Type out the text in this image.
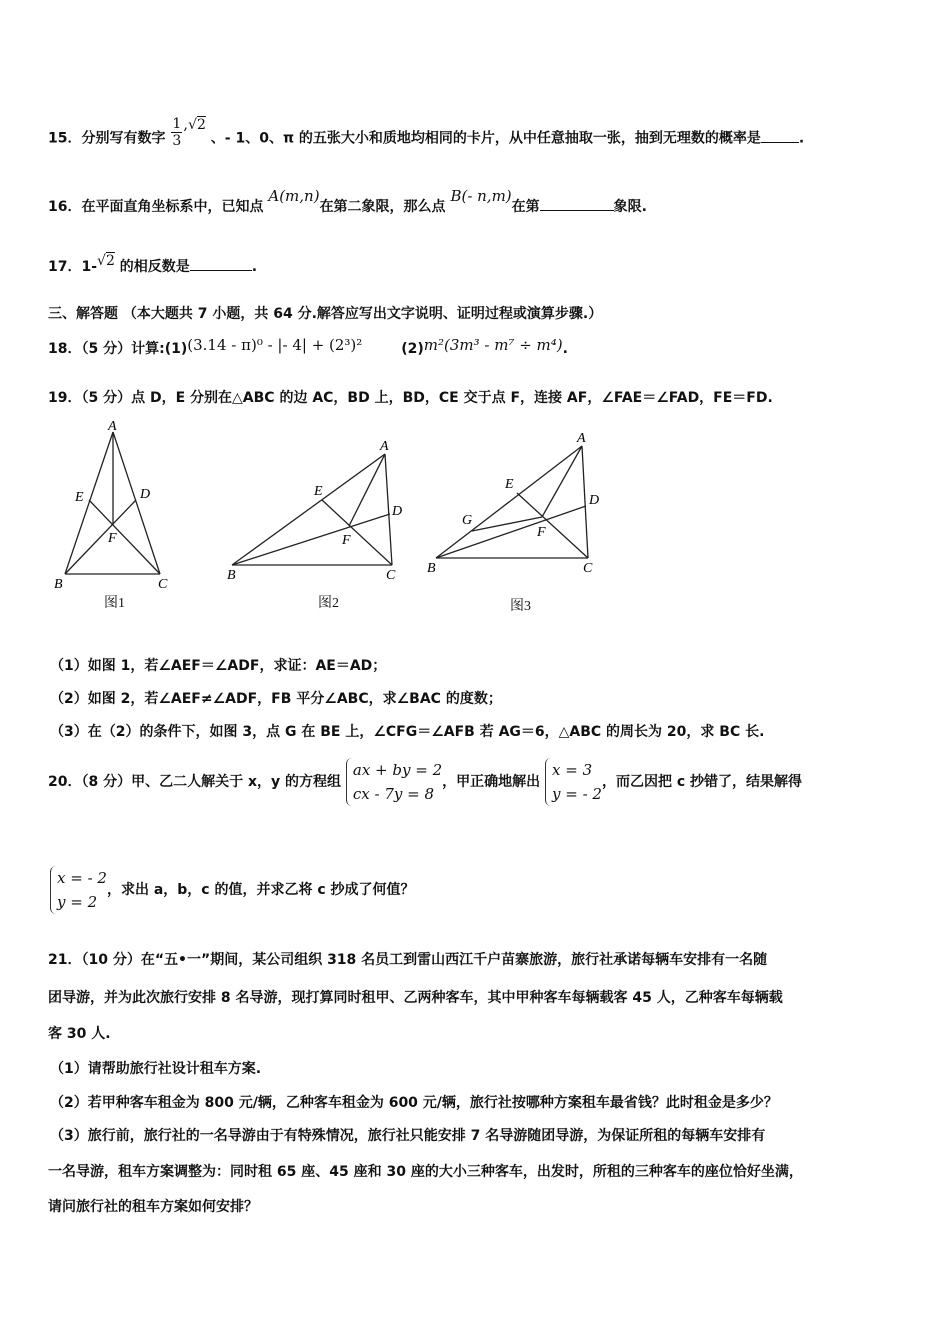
15．分别写有数字 $\frac{1}{3} ,√2$ 、- 1、0、π 的五张大小和质地均相同的卡片，从中任意抽取一张，抽到无理数的概率是	.
16．在平面直角坐标系中，已知点 A(m,n)在第二象限，那么点 B(- n,m)在第	象限.
17．1-√2 的相反数是	.
三、解答题 （本大题共 7 小题，共 64 分.解答应写出文字说明、证明过程或演算步骤.）
18．（5 分）计算:(1)(3.14 - π)⁰ - |- 4| + (2³)²	(2)m²(3m³ - m⁷ ÷ m⁴).
19．（5 分）点 D，E 分别在△ABC 的边 AC，BD 上，BD，CE 交于点 F，连接 AF，∠FAE＝∠FAD，FE＝FD.
A
E	D
F
B	C
A
E
D
F
B	C
A
E
D
G
F
B	C
图1	图2	图3
（1）如图 1，若∠AEF＝∠ADF，求证：AE＝AD；
（2）如图 2，若∠AEF≠∠ADF，FB 平分∠ABC，求∠BAC 的度数；
（3）在（2）的条件下，如图 3，点 G 在 BE 上，∠CFG＝∠AFB 若 AG＝6，△ABC 的周长为 20，求 BC 长.
20．（8 分）甲、乙二人解关于 x，y 的方程组
ax + by = 2
cx - 7y = 8
，甲正确地解出
x = 3
y = - 2
，而乙因把 c 抄错了，结果解得
x = - 2
y = 2
，求出 a，b，c 的值，并求乙将 c 抄成了何值？
21．（10 分）在“五•一”期间，某公司组织 318 名员工到雷山西江千户苗寨旅游，旅行社承诺每辆车安排有一名随
团导游，并为此次旅行安排 8 名导游，现打算同时租甲、乙两种客车，其中甲种客车每辆载客 45 人，乙种客车每辆载
客 30 人.
（1）请帮助旅行社设计租车方案.
（2）若甲种客车租金为 800 元/辆，乙种客车租金为 600 元/辆，旅行社按哪种方案租车最省钱？此时租金是多少？
（3）旅行前，旅行社的一名导游由于有特殊情况，旅行社只能安排 7 名导游随团导游，为保证所租的每辆车安排有
一名导游，租车方案调整为：同时租 65 座、45 座和 30 座的大小三种客车，出发时，所租的三种客车的座位恰好坐满，
请问旅行社的租车方案如何安排？
